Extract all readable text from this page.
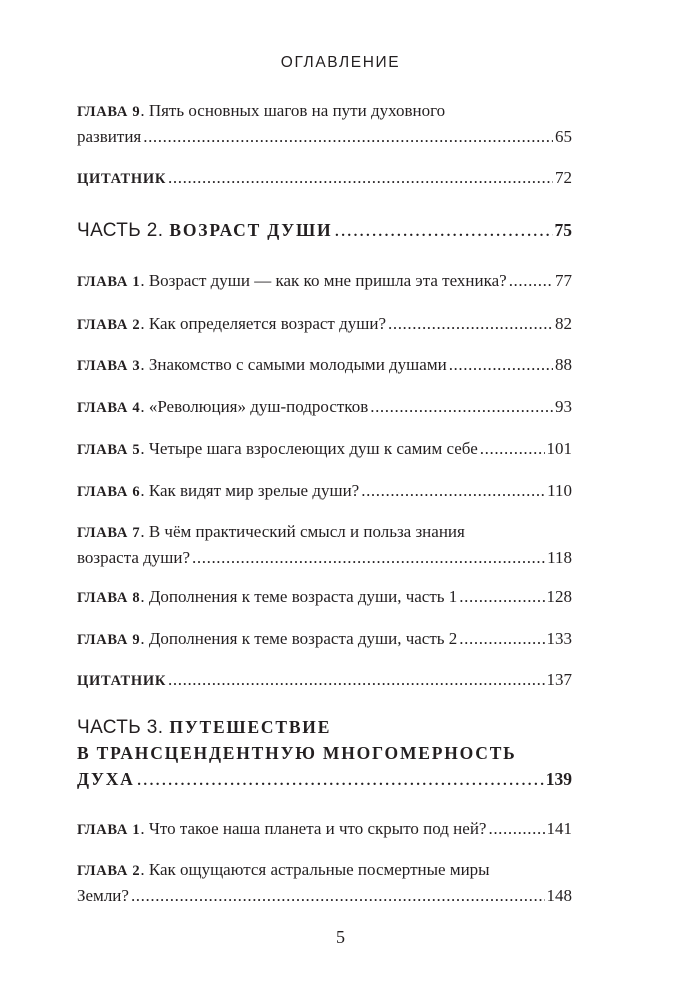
ОГЛАВЛЕНИЕ
ГЛАВА 9 . Пять основных шагов на пути духовного
развития .....	65
ЦИТАТНИК .....	72
ЧАСТЬ 2. ВОЗРАСТ ДУШИ .....	75
ГЛАВА 1 . Возраст души — как ко мне пришла эта техника? .....	77
ГЛАВА 2 . Как определяется возраст души? .....	82
ГЛАВА 3 . Знакомство с самыми молодыми душами .....	88
ГЛАВА 4 . «Революция» душ-подростков .....	93
ГЛАВА 5 . Четыре шага взрослеющих душ к самим себе .....	101
ГЛАВА 6 . Как видят мир зрелые души? .....	110
ГЛАВА 7 . В чём практический смысл и польза знания
возраста души? .....	118
ГЛАВА 8 . Дополнения к теме возраста души, часть 1 .....	128
ГЛАВА 9 . Дополнения к теме возраста души, часть 2 .....	133
ЦИТАТНИК .....	137
ЧАСТЬ 3. ПУТЕШЕСТВИЕ
В ТРАНСЦЕНДЕНТНУЮ МНОГОМЕРНОСТЬ
ДУХА .....	139
ГЛАВА 1 . Что такое наша планета и что скрыто под ней? .....	141
ГЛАВА 2 . Как ощущаются астральные посмертные миры
Земли? .....	148
5
